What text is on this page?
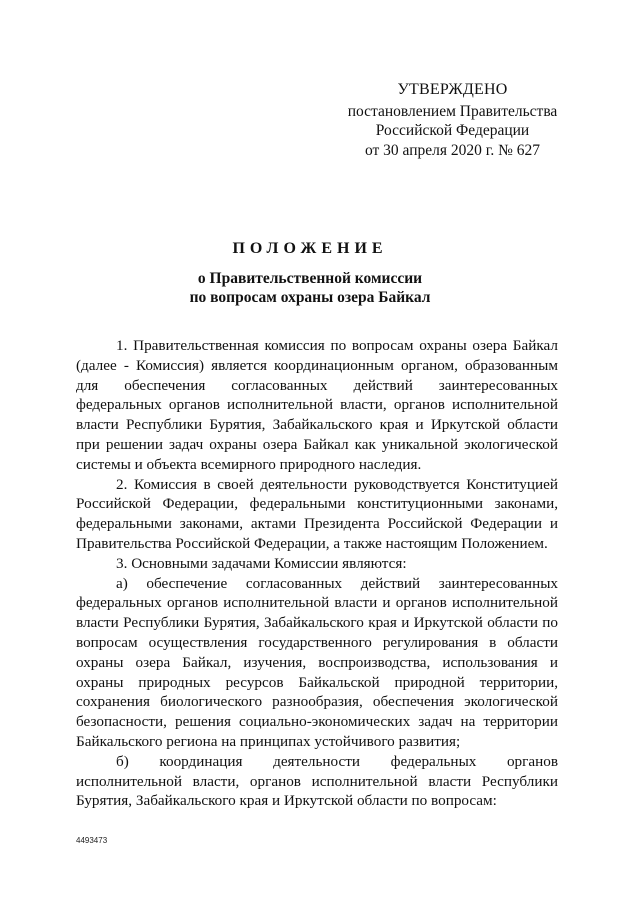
УТВЕРЖДЕНО
постановлением Правительства
Российской Федерации
от 30 апреля 2020 г. № 627
ПОЛОЖЕНИЕ
о Правительственной комиссии
по вопросам охраны озера Байкал

1. Правительственная комиссия по вопросам охраны озера Байкал (далее - Комиссия) является координационным органом, образованным для обеспечения согласованных действий заинтересованных федеральных органов исполнительной власти, органов исполнительной власти Республики Бурятия, Забайкальского края и Иркутской области при решении задач охраны озера Байкал как уникальной экологической системы и объекта всемирного природного наследия.

2. Комиссия в своей деятельности руководствуется Конституцией Российской Федерации, федеральными конституционными законами, федеральными законами, актами Президента Российской Федерации и Правительства Российской Федерации, а также настоящим Положением.

3. Основными задачами Комиссии являются:

а) обеспечение согласованных действий заинтересованных федеральных органов исполнительной власти и органов исполнительной власти Республики Бурятия, Забайкальского края и Иркутской области по вопросам осуществления государственного регулирования в области охраны озера Байкал, изучения, воспроизводства, использования и охраны природных ресурсов Байкальской природной территории, сохранения биологического разнообразия, обеспечения экологической безопасности, решения социально-экономических задач на территории Байкальского региона на принципах устойчивого развития;

б) координация деятельности федеральных органов исполнительной власти, органов исполнительной власти Республики Бурятия, Забайкальского края и Иркутской области по вопросам:

4493473
